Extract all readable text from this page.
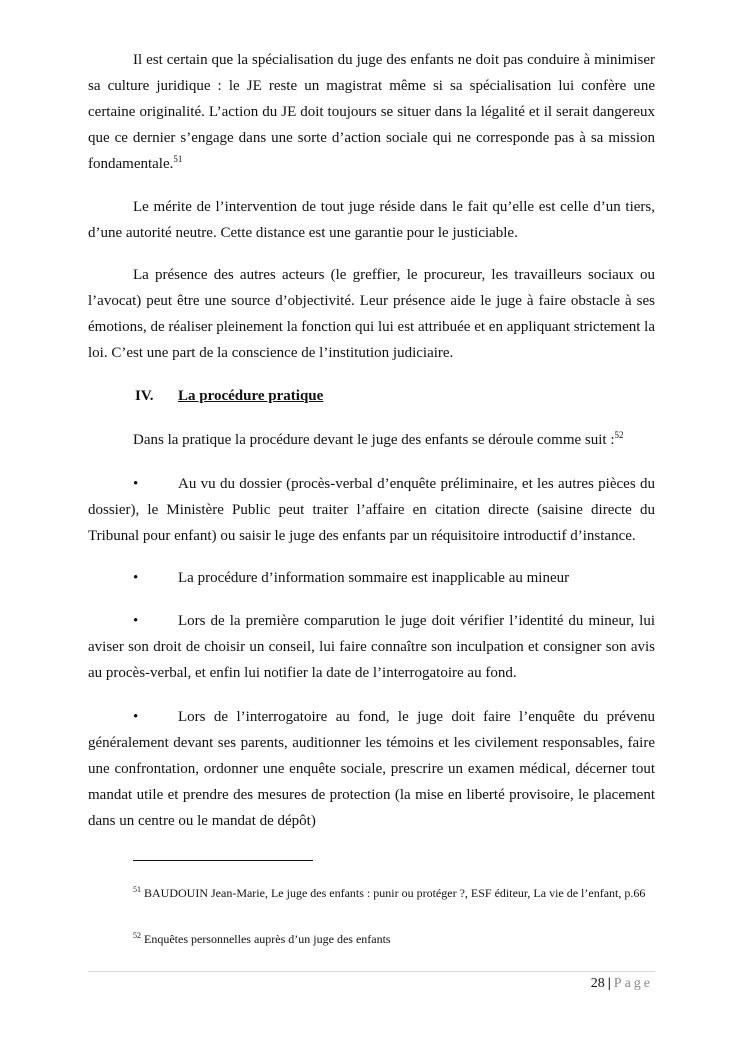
Il est certain que la spécialisation du juge des enfants ne doit pas conduire à minimiser sa culture juridique : le JE reste un magistrat même si sa spécialisation lui confère une certaine originalité. L’action du JE doit toujours se situer dans la légalité et il serait dangereux que ce dernier s’engage dans une sorte d’action sociale qui ne corresponde pas à sa mission fondamentale.$^{51}$

Le mérite de l’intervention de tout juge réside dans le fait qu’elle est celle d’un tiers, d’une autorité neutre. Cette distance est une garantie pour le justiciable.

La présence des autres acteurs (le greffier, le procureur, les travailleurs sociaux ou l’avocat) peut être une source d’objectivité. Leur présence aide le juge à faire obstacle à ses émotions, de réaliser pleinement la fonction qui lui est attribuée et en appliquant strictement la loi. C’est une part de la conscience de l’institution judiciaire.

IV. La procédure pratique

Dans la pratique la procédure devant le juge des enfants se déroule comme suit :$^{52}$

•	Au vu du dossier (procès-verbal d’enquête préliminaire, et les autres pièces du dossier), le Ministère Public peut traiter l’affaire en citation directe (saisine directe du Tribunal pour enfant) ou saisir le juge des enfants par un réquisitoire introductif d’instance.

•	La procédure d’information sommaire est inapplicable au mineur

•	Lors de la première comparution le juge doit vérifier l’identité du mineur, lui aviser son droit de choisir un conseil, lui faire connaître son inculpation et consigner son avis au procès-verbal, et enfin lui notifier la date de l’interrogatoire au fond.

•	Lors de l’interrogatoire au fond, le juge doit faire l’enquête du prévenu généralement devant ses parents, auditionner les témoins et les civilement responsables, faire une confrontation, ordonner une enquête sociale, prescrire un examen médical, décerner tout mandat utile et prendre des mesures de protection (la mise en liberté provisoire, le placement dans un centre ou le mandat de dépôt)

$^{51}$ BAUDOUIN Jean-Marie, Le juge des enfants : punir ou protéger ?, ESF éditeur, La vie de l’enfant, p.66

$^{52}$ Enquêtes personnelles auprès d’un juge des enfants

28 | Page
